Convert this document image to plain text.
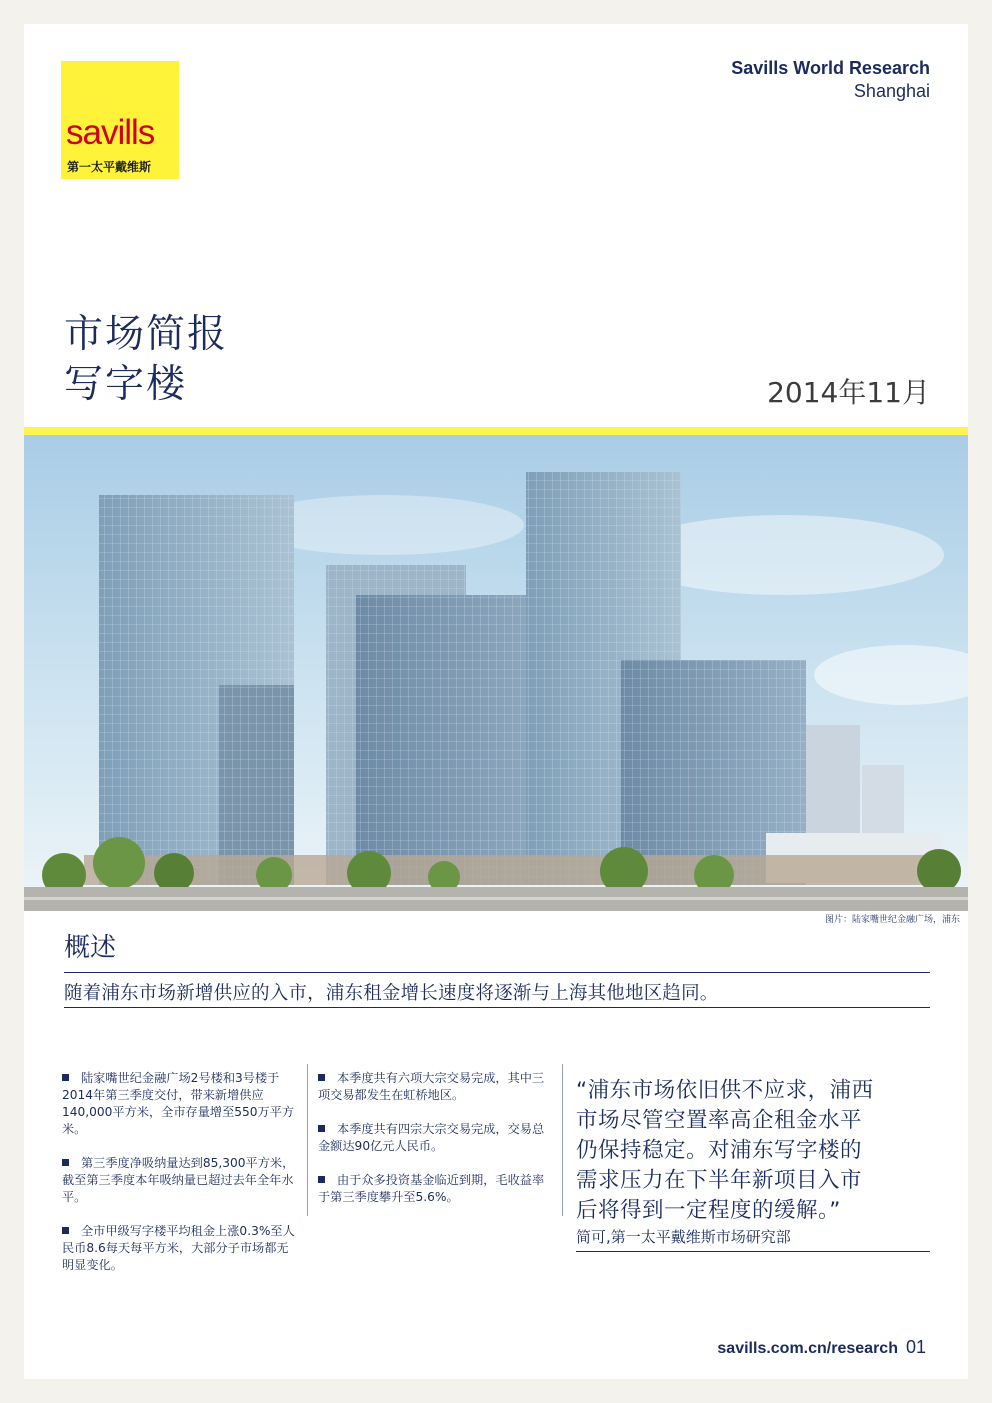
savills
第一太平戴维斯
Savills World Research
Shanghai
市场简报
写字楼	2014年11月
图片：陆家嘴世纪金融广场，浦东
概述
随着浦东市场新增供应的入市，浦东租金增长速度将逐渐与上海其他地区趋同。
陆家嘴世纪金融广场2号楼和3号楼于2014年第三季度交付，带来新增供应140,000平方米，全市存量增至550万平方米。
第三季度净吸纳量达到85,300平方米，截至第三季度本年吸纳量已超过去年全年水平。
全市甲级写字楼平均租金上涨0.3%至人民币8.6每天每平方米，大部分子市场都无明显变化。
本季度共有六项大宗交易完成，其中三项交易都发生在虹桥地区。
本季度共有四宗大宗交易完成，交易总金额达90亿元人民币。
由于众多投资基金临近到期，毛收益率于第三季度攀升至5.6%。
“浦东市场依旧供不应求，浦西
市场尽管空置率高企租金水平
仍保持稳定。对浦东写字楼的
需求压力在下半年新项目入市
后将得到一定程度的缓解。”
简可,第一太平戴维斯市场研究部
savills.com.cn/research 01
